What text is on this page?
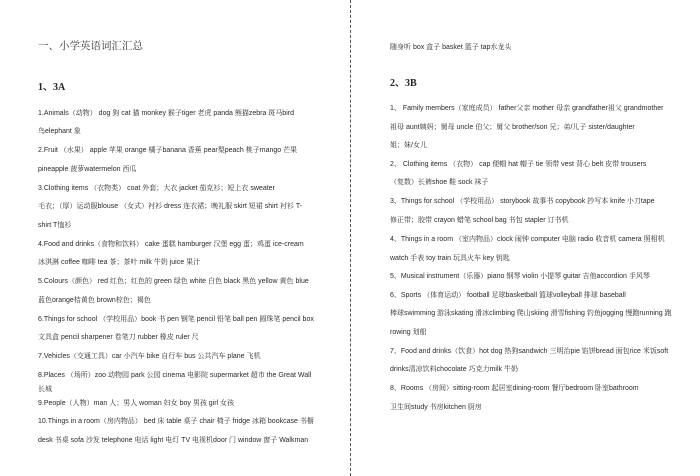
一、小学英语词汇汇总
1、3A
1.Animals（动物） dog 狗 cat 猫 monkey 猴子tiger 老虎 panda 熊猫zebra 斑马bird
鸟elephant 象
2.Fruit （水果） apple 苹果 orange 橘子banana 香蕉 pear梨peach 桃子mango 芒果
pineapple 菠萝watermelon 西瓜
3.Clothing items （衣物类） coat 外套；大衣 jacket 茄克衫；短上衣 sweater
毛衣；（厚）运动服blouse （女式）衬衫 dress 连衣裙；晚礼服 skirt 短裙 shirt 衬衫 T-
shirt T恤衫
4.Food and drinks（食物和饮料） cake 蛋糕 hamburger 汉堡 egg 蛋；鸡蛋 ice-cream
冰淇淋 coffee 咖啡 tea 茶；茶叶 milk 牛奶 juice 果汁
5.Colours（颜色） red 红色；红色的 green 绿色 white 白色 black 黑色 yellow 黄色 blue
蓝色orange桔黄色 brown棕色；褐色
6.Things for school （学校用品）book 书 pen 钢笔 pencil 铅笔 ball pen 圆珠笔 pencil box
文具盒 pencil sharpener 卷笔刀 rubber 橡皮 ruler 尺
7.Vehicles（交通工具）car 小汽车 bike 自行车 bus 公共汽车 plane 飞机
8.Places （场所）zoo 动物园 park 公园 cinema 电影院 supermarket 超市 the Great Wall
长城
9.People（人物）man 人；男人 woman 妇女 boy 男孩 girl 女孩
10.Things in a room（房内物品） bed 床 table 桌子 chair 椅子 fridge 冰箱 bookcase 书橱
desk 书桌 sofa 沙发 telephone 电话 light 电灯 TV 电视机door 门 window 窗子 Walkman
随身听 box 盒子 basket 篮子 tap水龙头
2、3B
1、 Family members（家庭成员） father父亲 mother 母亲 grandfather祖父 grandmother
祖母 aunt姨妈；舅母 uncle 伯父；舅父 brother/son 兄；弟/儿子 sister/daughter
姐；妹/女儿
2、 Clothing items （衣物） cap 便帽 hat 帽子 tie 领带 vest 背心 belt 皮带 trousers
（复数）长裤shoe 鞋 sock 袜子
3、Things for school （学校用品） storybook 故事书 copybook 抄写本 knife 小刀tape
修正带；胶带 crayon 蜡笔 school bag 书包 stapler 订书机
4、Things in a room （室内物品）clock 闹钟 computer 电脑 radio 收音机 camera 照相机
watch 手表 toy train 玩具火车 key 钥匙
5、Musical instrument（乐器）piano 钢琴 violin 小提琴 guitar 吉他accordion 手风琴
6、Sports （体育运动） football 足球basketball 篮球volleyball 排球 baseball
棒球swimming 游泳skating 滑冰climbing 爬山skiing 滑雪fishing 钓鱼jogging 慢跑running 跑
rowing 划船
7、Food and drinks（饮食）hot dog 热狗sandwich 三明治pie 馅饼bread 面包rice 米饭soft
drinks清凉饮料chocolate 巧克力milk 牛奶
8、Rooms （房间）sitting-room 起居室dining-room 餐厅bedroom 卧室bathroom
卫生间study 书房kitchen 厨房
